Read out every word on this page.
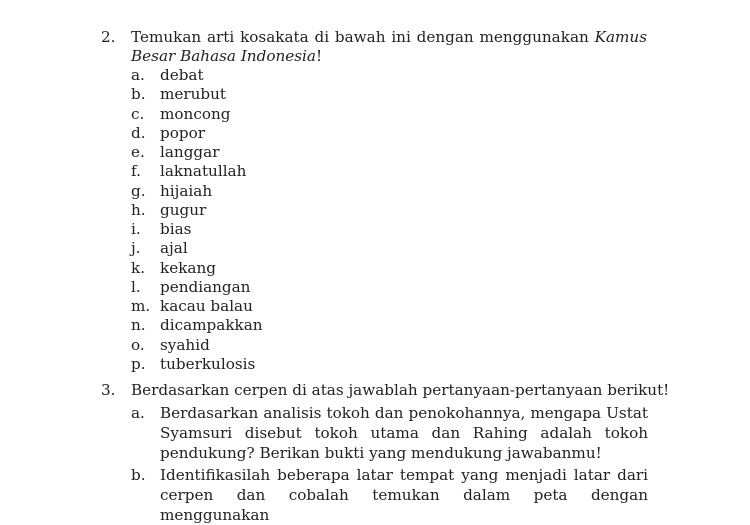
2. Temukan arti kosakata di bawah ini dengan menggunakan Kamus Besar Bahasa Indonesia!
a. debat
b. merubut
c. moncong
d. popor
e. langgar
f. laknatullah
g. hijaiah
h. gugur
i. bias
j. ajal
k. kekang
l. pendiangan
m. kacau balau
n. dicampakkan
o. syahid
p. tuberkulosis
3. Berdasarkan cerpen di atas jawablah pertanyaan-pertanyaan berikut!
a. Berdasarkan analisis tokoh dan penokohannya, mengapa Ustat Syamsuri disebut tokoh utama dan Rahing adalah tokoh pendukung? Berikan bukti yang mendukung jawabanmu!
b. Identifikasilah beberapa latar tempat yang menjadi latar dari cerpen dan cobalah temukan dalam peta dengan menggunakan
